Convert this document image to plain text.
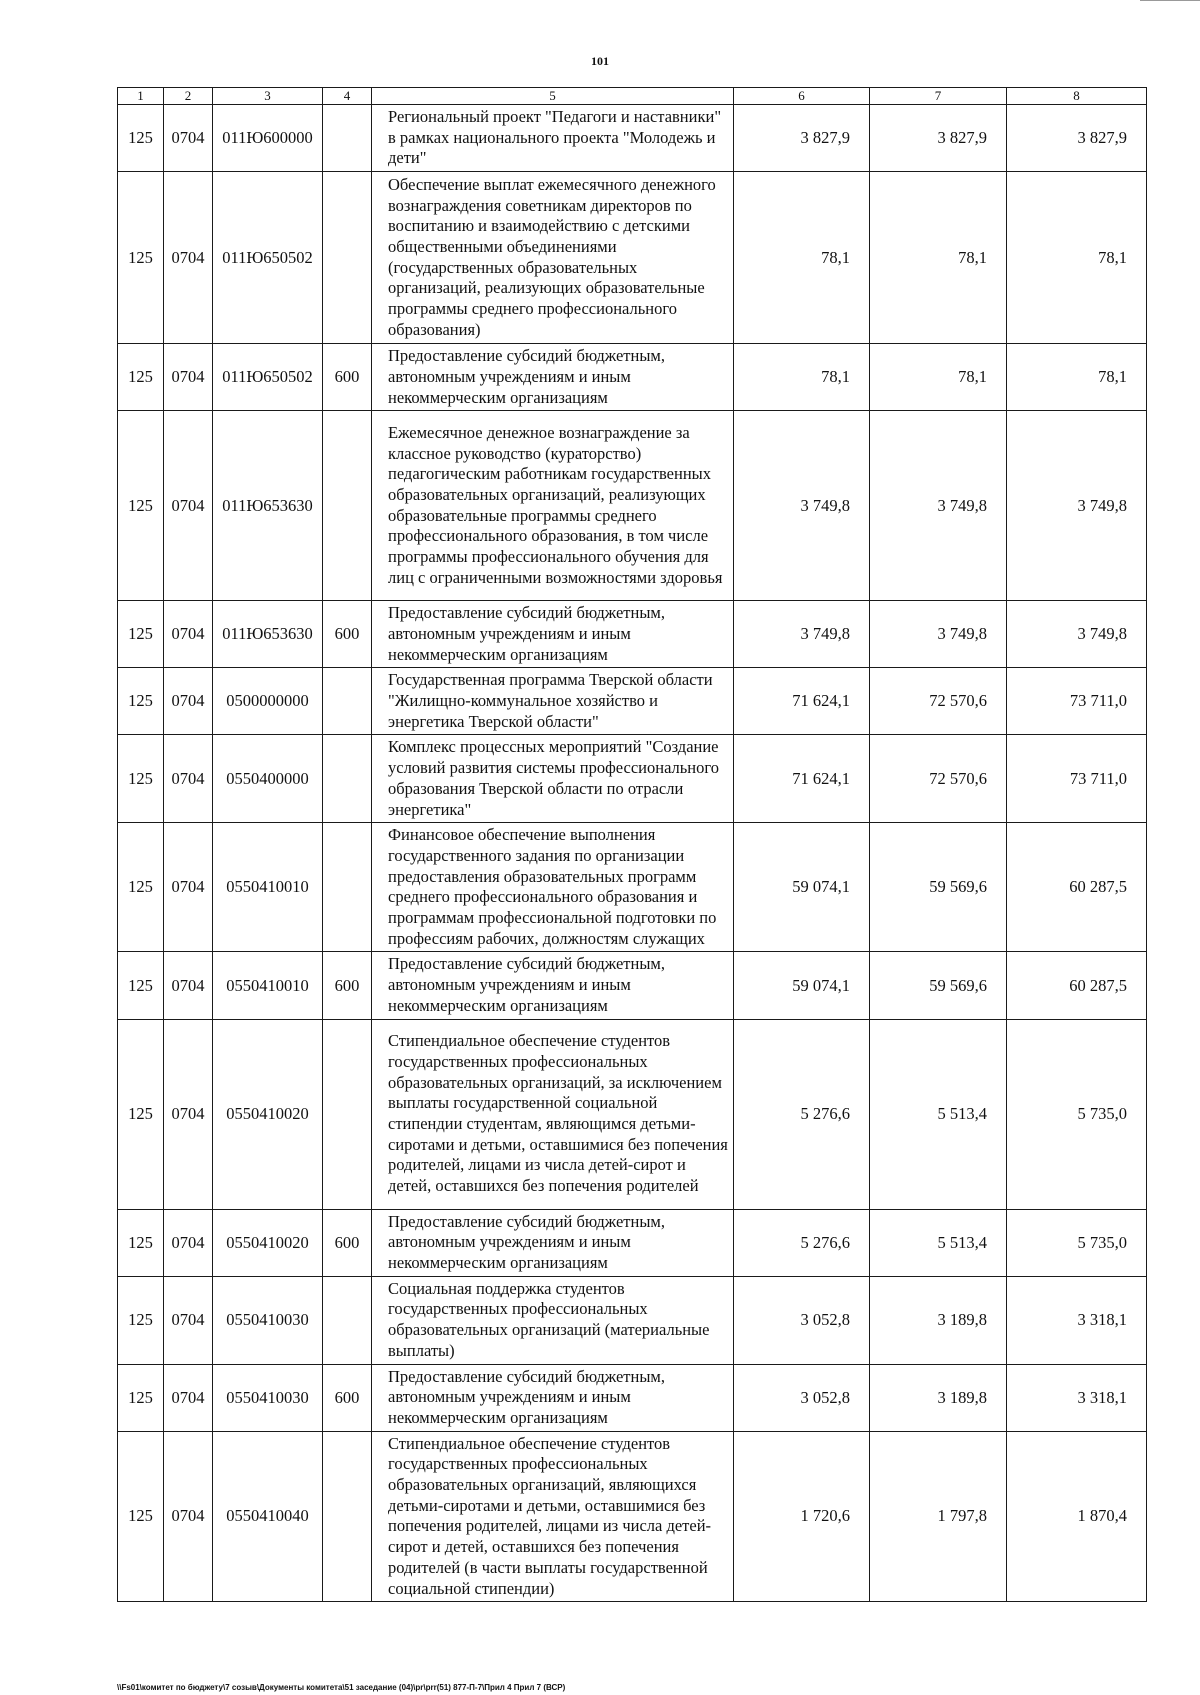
101
1	2	3	4	5	6	7	8
125	0704	011Ю600000		Региональный проект "Педагоги и наставники" в рамках национального проекта "Молодежь и дети"	3 827,9	3 827,9	3 827,9
125	0704	011Ю650502		Обеспечение выплат ежемесячного денежного вознаграждения советникам директоров по воспитанию и взаимодействию с детскими общественными объединениями (государственных образовательных организаций, реализующих образовательные программы среднего профессионального образования)	78,1	78,1	78,1
125	0704	011Ю650502	600	Предоставление субсидий бюджетным, автономным учреждениям и иным некоммерческим организациям	78,1	78,1	78,1
125	0704	011Ю653630		Ежемесячное денежное вознаграждение за классное руководство (кураторство) педагогическим работникам государственных образовательных организаций, реализующих образовательные программы среднего профессионального образования, в том числе программы профессионального обучения для лиц с ограниченными возможностями здоровья	3 749,8	3 749,8	3 749,8
125	0704	011Ю653630	600	Предоставление субсидий бюджетным, автономным учреждениям и иным некоммерческим организациям	3 749,8	3 749,8	3 749,8
125	0704	0500000000		Государственная программа Тверской области "Жилищно-коммунальное хозяйство и энергетика Тверской области"	71 624,1	72 570,6	73 711,0
125	0704	0550400000		Комплекс процессных мероприятий "Создание условий развития системы профессионального образования Тверской области по отрасли энергетика"	71 624,1	72 570,6	73 711,0
125	0704	0550410010		Финансовое обеспечение выполнения государственного задания по организации предоставления образовательных программ среднего профессионального образования и программам профессиональной подготовки по профессиям рабочих, должностям служащих	59 074,1	59 569,6	60 287,5
125	0704	0550410010	600	Предоставление субсидий бюджетным, автономным учреждениям и иным некоммерческим организациям	59 074,1	59 569,6	60 287,5
125	0704	0550410020		Стипендиальное обеспечение студентов государственных профессиональных образовательных организаций, за исключением выплаты государственной социальной стипендии студентам, являющимся детьми-сиротами и детьми, оставшимися без попечения родителей, лицами из числа детей-сирот и детей, оставшихся без попечения родителей	5 276,6	5 513,4	5 735,0
125	0704	0550410020	600	Предоставление субсидий бюджетным, автономным учреждениям и иным некоммерческим организациям	5 276,6	5 513,4	5 735,0
125	0704	0550410030		Социальная поддержка студентов государственных профессиональных образовательных организаций (материальные выплаты)	3 052,8	3 189,8	3 318,1
125	0704	0550410030	600	Предоставление субсидий бюджетным, автономным учреждениям и иным некоммерческим организациям	3 052,8	3 189,8	3 318,1
125	0704	0550410040		Стипендиальное обеспечение студентов государственных профессиональных образовательных организаций, являющихся детьми-сиротами и детьми, оставшимися без попечения родителей, лицами из числа детей-сирот и детей, оставшихся без попечения родителей (в части выплаты государственной социальной стипендии)	1 720,6	1 797,8	1 870,4
\\Fs01\комитет по бюджету\7 созыв\Документы комитета\51 заседание (04)\pr\prr(51) 877-П-7\Прил 4 Прил 7 (ВСР)
